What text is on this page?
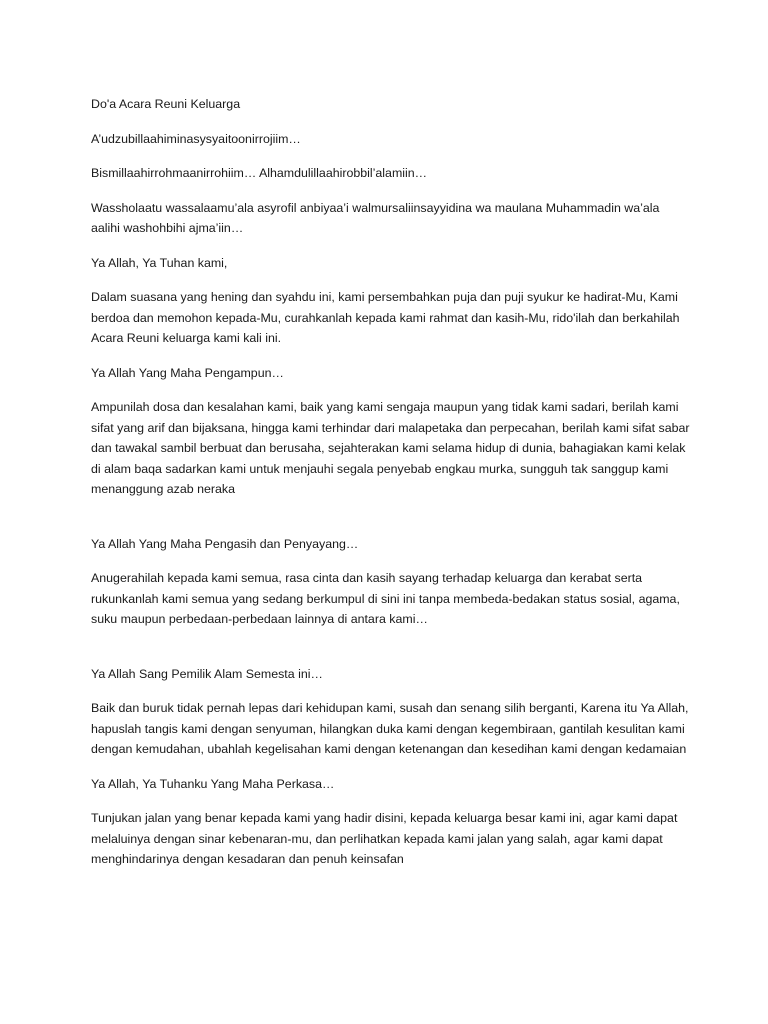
Do'a Acara Reuni Keluarga

A’udzubillaahiminasysyaitoonirrojiim…

Bismillaahirrohmaanirrohiim… Alhamdulillaahirobbil’alamiin…

Wassholaatu wassalaamu’ala asyrofil anbiyaa’i walmursaliinsayyidina wa maulana Muhammadin wa’ala aalihi washohbihi ajma’iin…

Ya Allah, Ya Tuhan kami,

Dalam suasana yang hening dan syahdu ini, kami persembahkan puja dan puji syukur ke hadirat-Mu, Kami berdoa dan memohon kepada-Mu, curahkanlah kepada kami rahmat dan kasih-Mu, rido'ilah dan berkahilah Acara Reuni keluarga kami kali ini.

Ya Allah Yang Maha Pengampun…

Ampunilah dosa dan kesalahan kami, baik yang kami sengaja maupun yang tidak kami sadari, berilah kami sifat yang arif dan bijaksana, hingga kami terhindar dari malapetaka dan perpecahan, berilah kami sifat sabar dan tawakal sambil berbuat dan berusaha, sejahterakan kami selama hidup di dunia, bahagiakan kami kelak di alam baqa sadarkan kami untuk menjauhi segala penyebab engkau murka, sungguh tak sanggup kami menanggung azab neraka

Ya Allah Yang Maha Pengasih dan Penyayang…

Anugerahilah kepada kami semua, rasa cinta dan kasih sayang terhadap keluarga dan kerabat serta rukunkanlah kami semua yang sedang berkumpul di sini ini tanpa membeda-bedakan status sosial, agama, suku maupun perbedaan-perbedaan lainnya di antara kami…

Ya Allah Sang Pemilik Alam Semesta ini…

Baik dan buruk tidak pernah lepas dari kehidupan kami, susah dan senang silih berganti, Karena itu Ya Allah, hapuslah tangis kami dengan senyuman, hilangkan duka kami dengan kegembiraan, gantilah kesulitan kami dengan kemudahan, ubahlah kegelisahan kami dengan ketenangan dan kesedihan kami dengan kedamaian

Ya Allah, Ya Tuhanku Yang Maha Perkasa…

Tunjukan jalan yang benar kepada kami yang hadir disini, kepada keluarga besar kami ini, agar kami dapat melaluinya dengan sinar kebenaran-mu, dan perlihatkan kepada kami jalan yang salah, agar kami dapat menghindarinya dengan kesadaran dan penuh keinsafan
